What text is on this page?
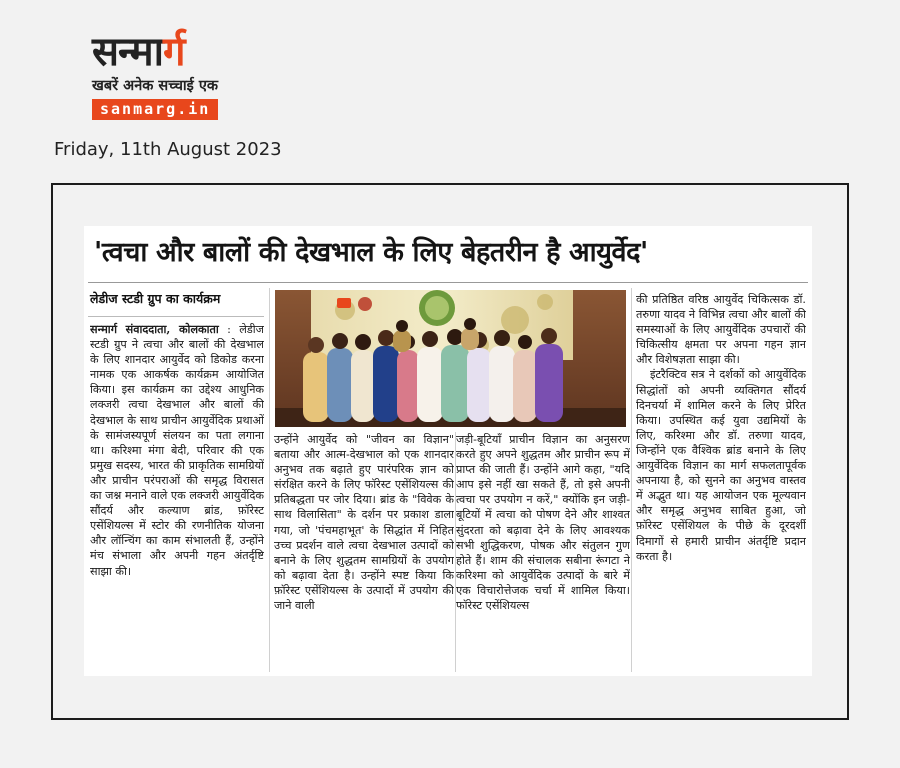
सन्मार्ग
खबरें अनेक सच्चाई एक
sanmarg.in
Friday, 11th August 2023
'त्वचा और बालों की देखभाल के लिए बेहतरीन है आयुर्वेद'
लेडीज स्टडी ग्रुप का कार्यक्रम
सन्मार्ग संवाददाता, कोलकाता : लेडीज स्टडी ग्रुप ने त्वचा और बालों की देखभाल के लिए शानदार आयुर्वेद को डिकोड करना नामक एक आकर्षक कार्यक्रम आयोजित किया। इस कार्यक्रम का उद्देश्य आधुनिक लक्जरी त्वचा देखभाल और बालों की देखभाल के साथ प्राचीन आयुर्वेदिक प्रथाओं के सामंजस्यपूर्ण संलयन का पता लगाना था। करिश्मा मंगा बेदी, परिवार की एक प्रमुख सदस्य, भारत की प्राकृतिक सामग्रियों और प्राचीन परंपराओं की समृद्ध विरासत का जश्न मनाने वाले एक लक्जरी आयुर्वेदिक सौंदर्य और कल्याण ब्रांड, फ़ॉरेस्ट एसेंशियल्स में स्टोर की रणनीतिक योजना और लॉन्चिंग का काम संभालती हैं, उन्होंने मंच संभाला और अपनी गहन अंतर्दृष्टि साझा की।
उन्होंने आयुर्वेद को "जीवन का विज्ञान" बताया और आत्म-देखभाल को एक शानदार अनुभव तक बढ़ाते हुए पारंपरिक ज्ञान को संरक्षित करने के लिए फॉरेस्ट एसेंशियल्स की प्रतिबद्धता पर जोर दिया। ब्रांड के "विवेक के साथ विलासिता" के दर्शन पर प्रकाश डाला गया, जो 'पंचमहाभूत' के सिद्धांत में निहित उच्च प्रदर्शन वाले त्वचा देखभाल उत्पादों को बनाने के लिए शुद्धतम सामग्रियों के उपयोग को बढ़ावा देता है। उन्होंने स्पष्ट किया कि फ़ॉरेस्ट एसेंशियल्स के उत्पादों में उपयोग की जाने वाली
जड़ी-बूटियाँ प्राचीन विज्ञान का अनुसरण करते हुए अपने शुद्धतम और प्राचीन रूप में प्राप्त की जाती हैं। उन्होंने आगे कहा, "यदि आप इसे नहीं खा सकते हैं, तो इसे अपनी त्वचा पर उपयोग न करें," क्योंकि इन जड़ी-बूटियों में त्वचा को पोषण देने और शाश्वत सुंदरता को बढ़ावा देने के लिए आवश्यक सभी शुद्धिकरण, पोषक और संतुलन गुण होते हैं। शाम की संचालक सबीना रूंगटा ने करिश्मा को आयुर्वेदिक उत्पादों के बारे में एक विचारोत्तेजक चर्चा में शामिल किया। फॉरेस्ट एसेंशियल्स
की प्रतिष्ठित वरिष्ठ आयुर्वेद चिकित्सक डॉ. तरुणा यादव ने विभिन्न त्वचा और बालों की समस्याओं के लिए आयुर्वेदिक उपचारों की चिकित्सीय क्षमता पर अपना गहन ज्ञान और विशेषज्ञता साझा की।
इंटरैक्टिव सत्र ने दर्शकों को आयुर्वेदिक सिद्धांतों को अपनी व्यक्तिगत सौंदर्य दिनचर्या में शामिल करने के लिए प्रेरित किया। उपस्थित कई युवा उद्यमियों के लिए, करिश्मा और डॉ. तरुणा यादव, जिन्होंने एक वैश्विक ब्रांड बनाने के लिए आयुर्वेदिक विज्ञान का मार्ग सफलतापूर्वक अपनाया है, को सुनने का अनुभव वास्तव में अद्भुत था। यह आयोजन एक मूल्यवान और समृद्ध अनुभव साबित हुआ, जो फ़ॉरेस्ट एसेंशियल के पीछे के दूरदर्शी दिमागों से हमारी प्राचीन अंतर्दृष्टि प्रदान करता है।
